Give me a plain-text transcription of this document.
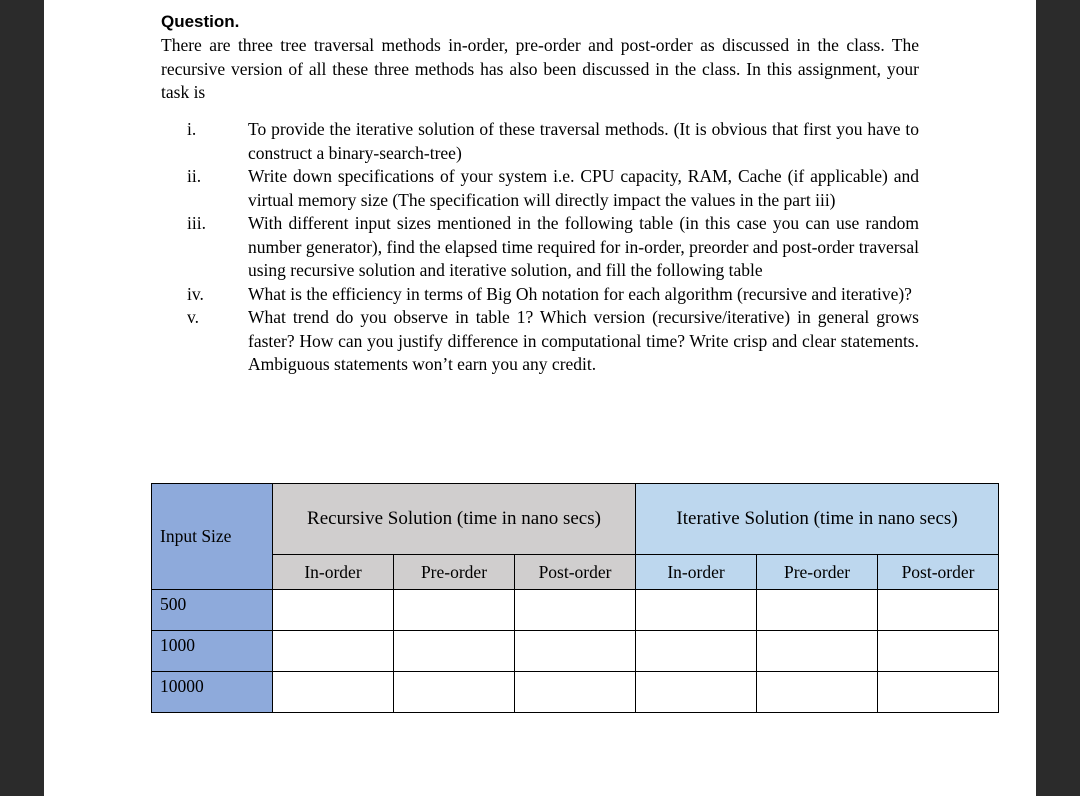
Question.
There are three tree traversal methods in-order, pre-order and post-order as discussed in the class. The recursive version of all these three methods has also been discussed in the class. In this assignment, your task is
i.	To provide the iterative solution of these traversal methods. (It is obvious that first you have to construct a binary-search-tree)
ii.	Write down specifications of your system i.e. CPU capacity, RAM, Cache (if applicable) and virtual memory size (The specification will directly impact the values in the part iii)
iii.	With different input sizes mentioned in the following table (in this case you can use random number generator), find the elapsed time required for in-order, preorder and post-order traversal using recursive solution and iterative solution, and fill the following table
iv.	What is the efficiency in terms of Big Oh notation for each algorithm (recursive and iterative)?
v.	What trend do you observe in table 1? Which version (recursive/iterative) in general grows faster? How can you justify difference in computational time? Write crisp and clear statements. Ambiguous statements won’t earn you any credit.
Input Size	Recursive Solution (time in nano secs)			Iterative Solution (time in nano secs)		
	In-order	Pre-order	Post-order	In-order	Pre-order	Post-order
500	

1000	

10000	
